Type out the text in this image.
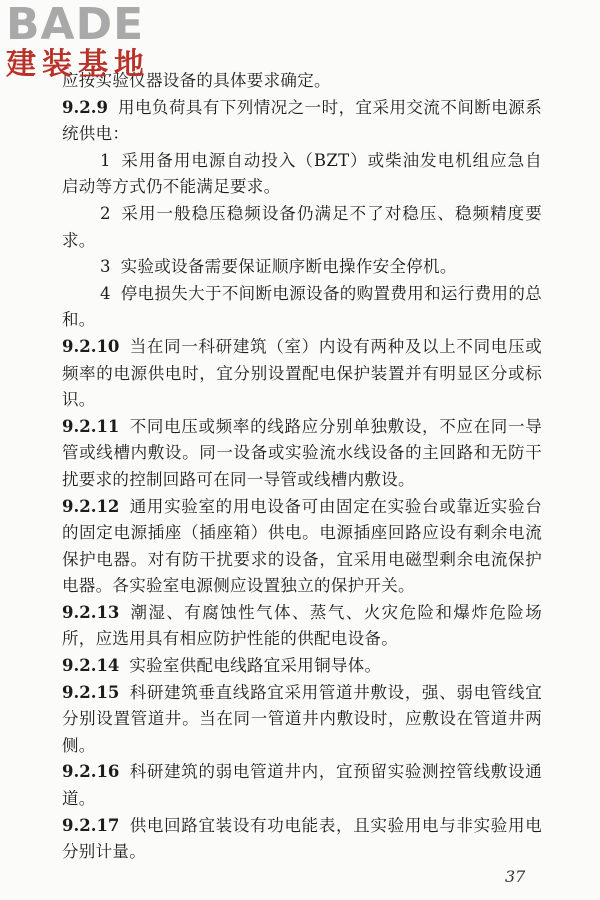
BADE
建装基地

应按实验仪器设备的具体要求确定。

9.2.9 用电负荷具有下列情况之一时，宜采用交流不间断电源系统供电：

1 采用备用电源自动投入（BZT）或柴油发电机组应急自启动等方式仍不能满足要求。

2 采用一般稳压稳频设备仍满足不了对稳压、稳频精度要求。

3 实验或设备需要保证顺序断电操作安全停机。

4 停电损失大于不间断电源设备的购置费用和运行费用的总和。

9.2.10 当在同一科研建筑（室）内设有两种及以上不同电压或频率的电源供电时，宜分别设置配电保护装置并有明显区分或标识。

9.2.11 不同电压或频率的线路应分别单独敷设，不应在同一导管或线槽内敷设。同一设备或实验流水线设备的主回路和无防干扰要求的控制回路可在同一导管或线槽内敷设。

9.2.12 通用实验室的用电设备可由固定在实验台或靠近实验台的固定电源插座（插座箱）供电。电源插座回路应设有剩余电流保护电器。对有防干扰要求的设备，宜采用电磁型剩余电流保护电器。各实验室电源侧应设置独立的保护开关。

9.2.13 潮湿、有腐蚀性气体、蒸气、火灾危险和爆炸危险场所，应选用具有相应防护性能的供配电设备。

9.2.14 实验室供配电线路宜采用铜导体。

9.2.15 科研建筑垂直线路宜采用管道井敷设，强、弱电管线宜分别设置管道井。当在同一管道井内敷设时，应敷设在管道井两侧。

9.2.16 科研建筑的弱电管道井内，宜预留实验测控管线敷设通道。

9.2.17 供电回路宜装设有功电能表，且实验用电与非实验用电分别计量。

37
